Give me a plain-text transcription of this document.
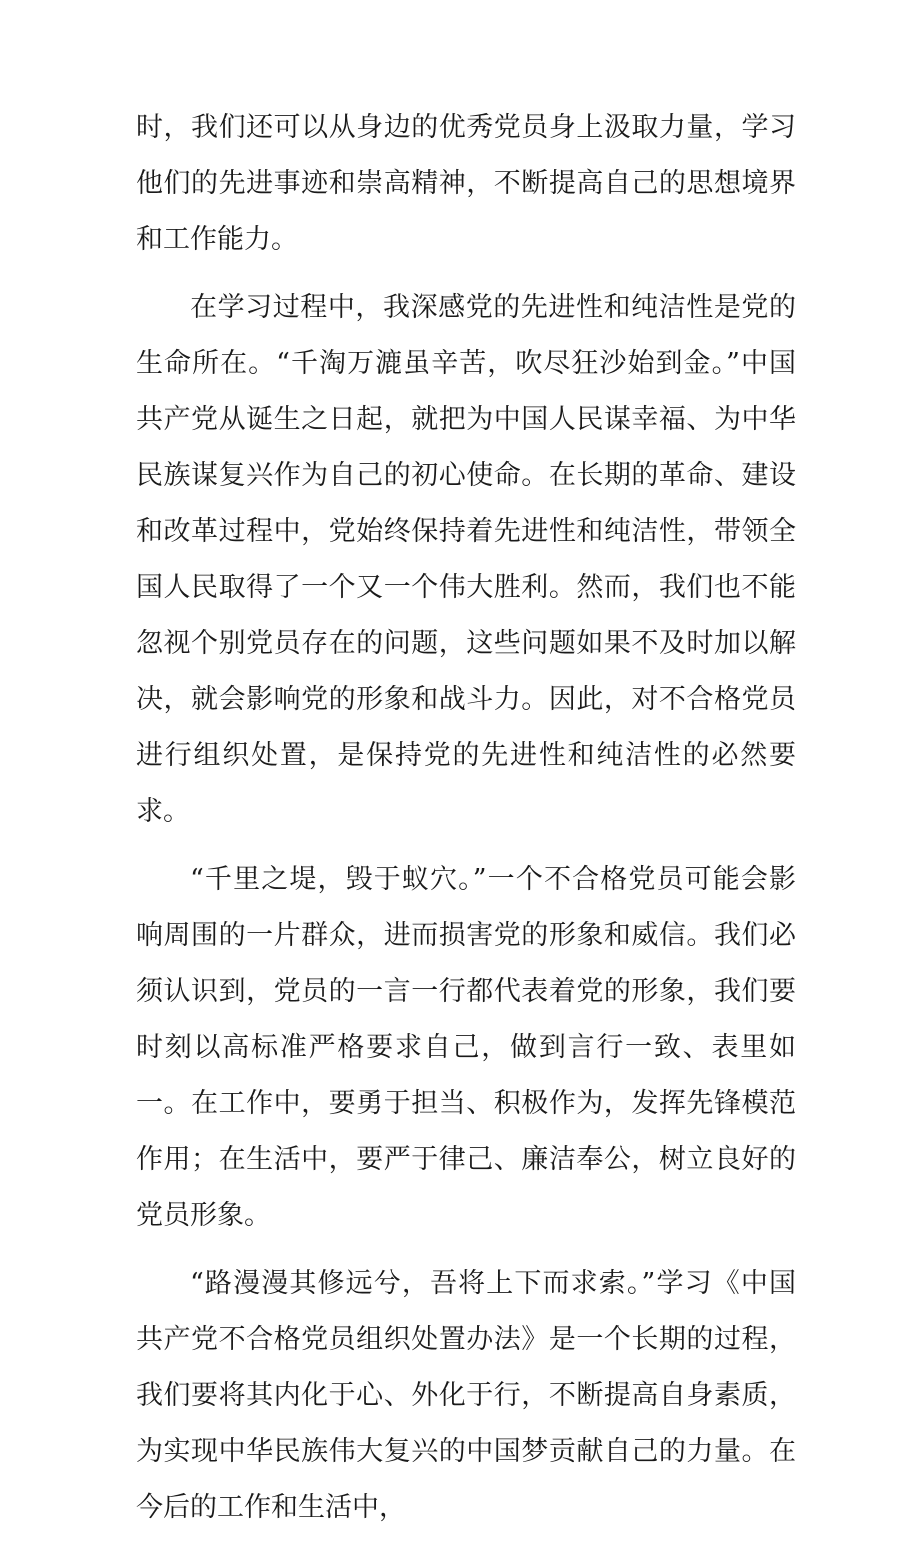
时，我们还可以从身边的优秀党员身上汲取力量，学习他们的先进事迹和崇高精神，不断提高自己的思想境界和工作能力。

在学习过程中，我深感党的先进性和纯洁性是党的生命所在。“千淘万漉虽辛苦，吹尽狂沙始到金。”中国共产党从诞生之日起，就把为中国人民谋幸福、为中华民族谋复兴作为自己的初心使命。在长期的革命、建设和改革过程中，党始终保持着先进性和纯洁性，带领全国人民取得了一个又一个伟大胜利。然而，我们也不能忽视个别党员存在的问题，这些问题如果不及时加以解决，就会影响党的形象和战斗力。因此，对不合格党员进行组织处置，是保持党的先进性和纯洁性的必然要求。

“千里之堤，毁于蚁穴。”一个不合格党员可能会影响周围的一片群众，进而损害党的形象和威信。我们必须认识到，党员的一言一行都代表着党的形象，我们要时刻以高标准严格要求自己，做到言行一致、表里如一。在工作中，要勇于担当、积极作为，发挥先锋模范作用；在生活中，要严于律己、廉洁奉公，树立良好的党员形象。

“路漫漫其修远兮，吾将上下而求索。”学习《中国共产党不合格党员组织处置办法》是一个长期的过程，我们要将其内化于心、外化于行，不断提高自身素质，为实现中华民族伟大复兴的中国梦贡献自己的力量。在今后的工作和生活中，
